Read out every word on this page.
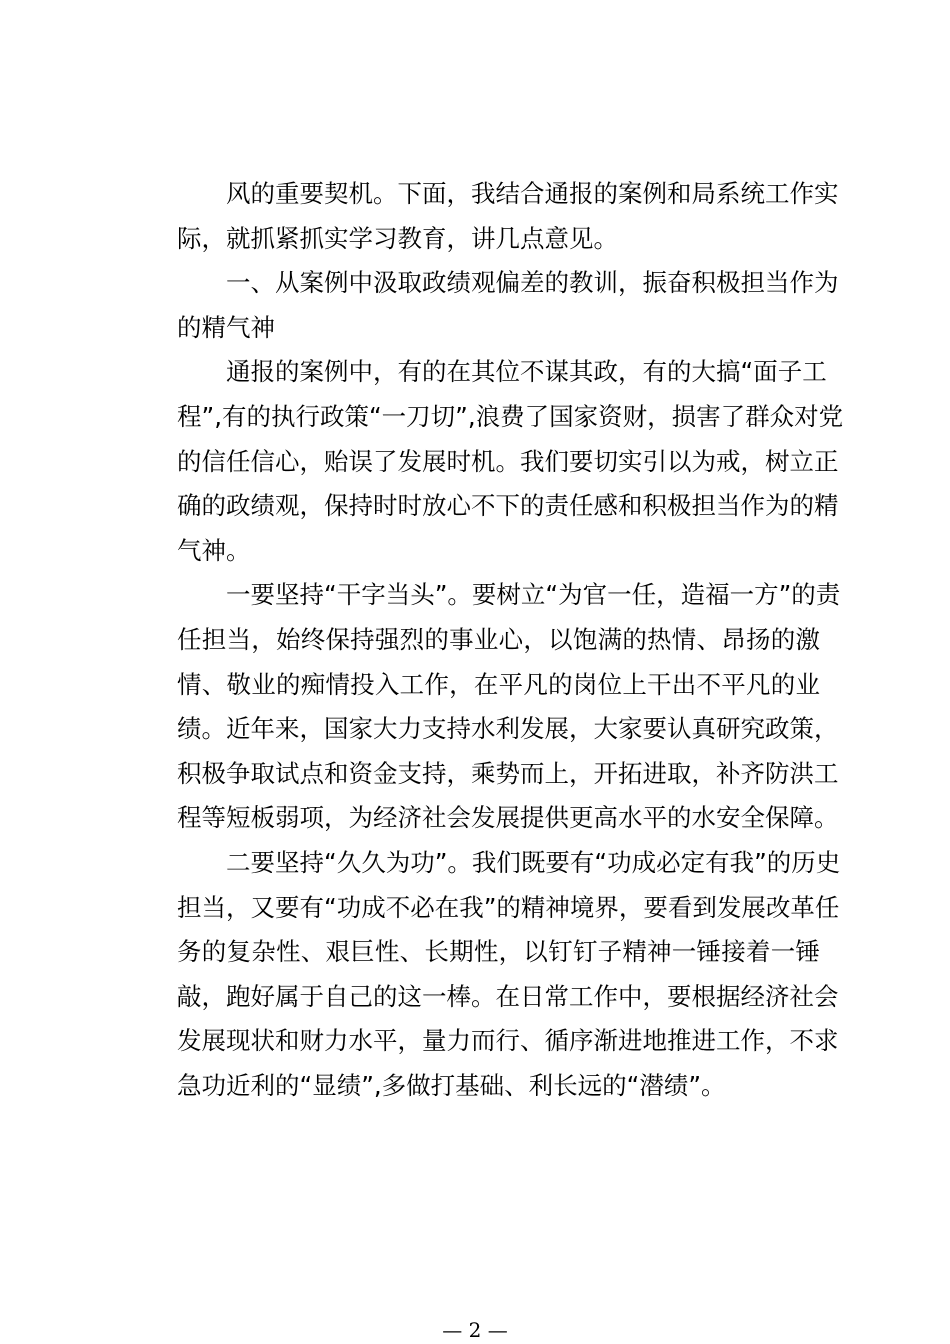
风的重要契机。下面，我结合通报的案例和局系统工作实
际，就抓紧抓实学习教育，讲几点意见。
一、从案例中汲取政绩观偏差的教训，振奋积极担当作为
的精气神
通报的案例中，有的在其位不谋其政，有的大搞“面子工
程”,有的执行政策“一刀切”,浪费了国家资财，损害了群众对党
的信任信心，贻误了发展时机。我们要切实引以为戒，树立正
确的政绩观，保持时时放心不下的责任感和积极担当作为的精
气神。
一要坚持“干字当头”。要树立“为官一任，造福一方”的责
任担当，始终保持强烈的事业心，以饱满的热情、昂扬的激
情、敬业的痴情投入工作，在平凡的岗位上干出不平凡的业
绩。近年来，国家大力支持水利发展，大家要认真研究政策，
积极争取试点和资金支持，乘势而上，开拓进取，补齐防洪工
程等短板弱项，为经济社会发展提供更高水平的水安全保障。
二要坚持“久久为功”。我们既要有“功成必定有我”的历史
担当，又要有“功成不必在我”的精神境界，要看到发展改革任
务的复杂性、艰巨性、长期性，以钉钉子精神一锤接着一锤
敲，跑好属于自己的这一棒。在日常工作中，要根据经济社会
发展现状和财力水平，量力而行、循序渐进地推进工作，不求
急功近利的“显绩”,多做打基础、利长远的“潜绩”。
— 2 —
